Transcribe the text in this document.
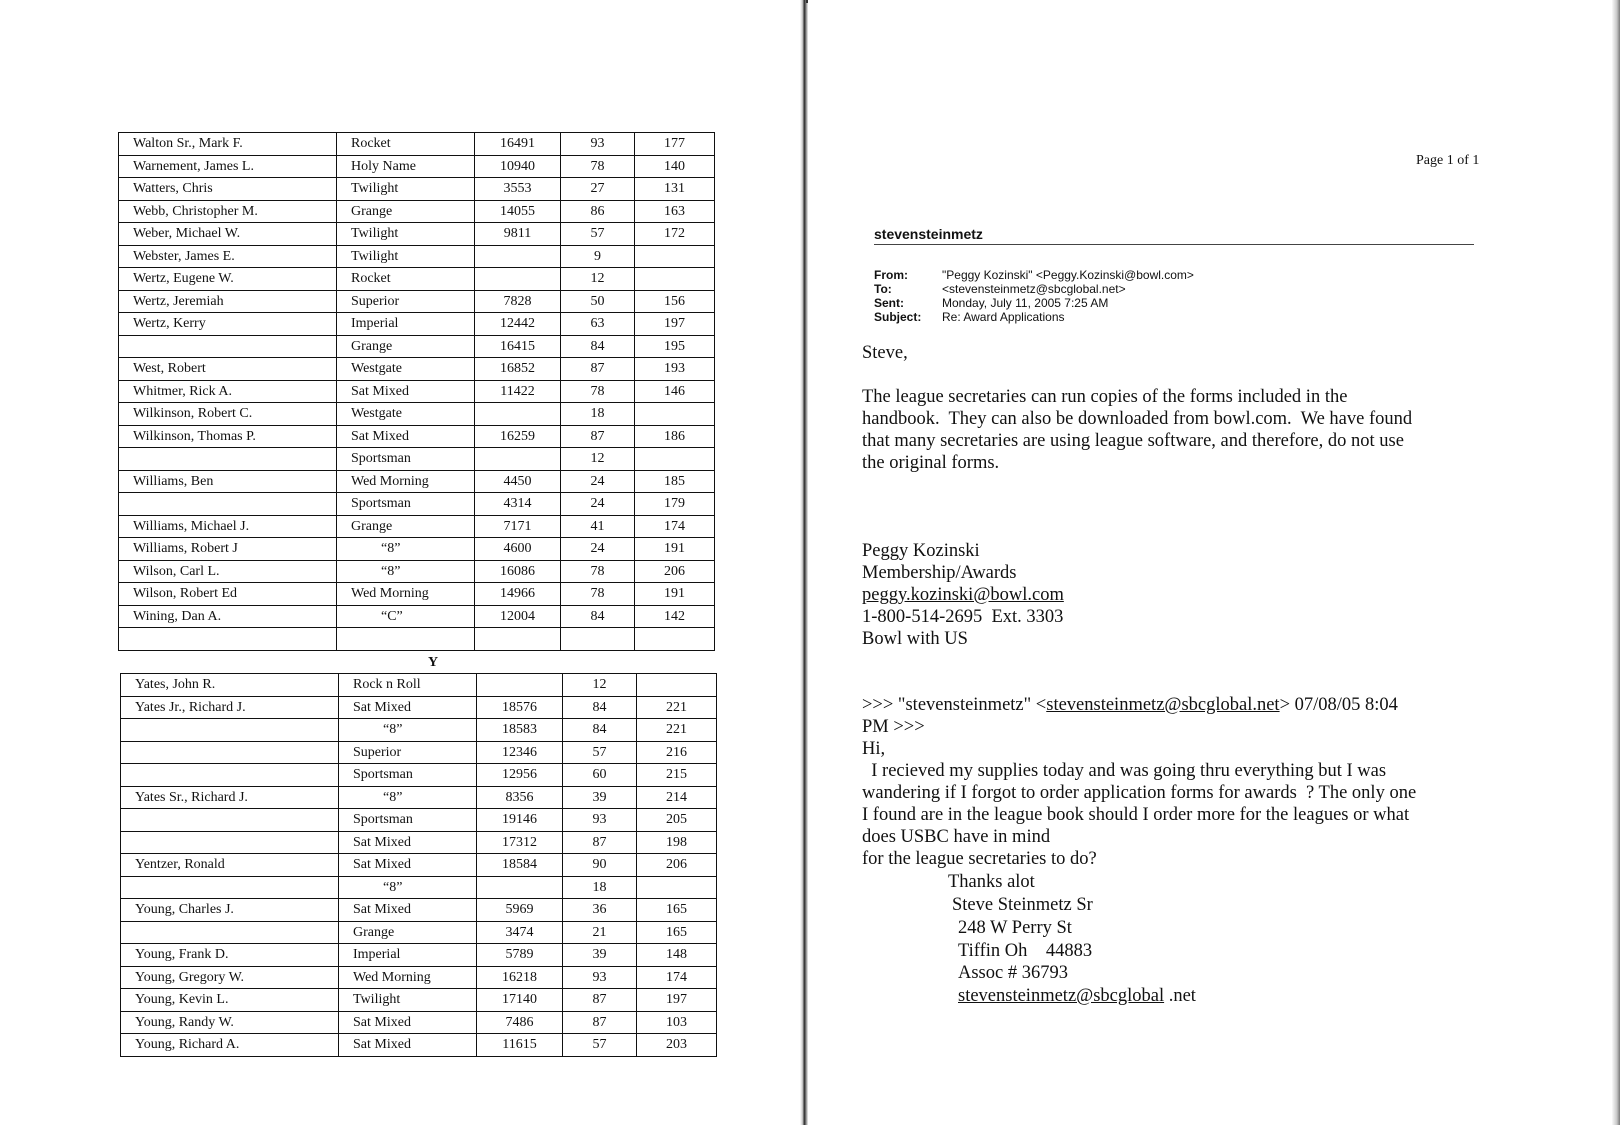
Walton Sr., Mark F.	Rocket	16491	93	177
Warnement, James L.	Holy Name	10940	78	140
Watters, Chris	Twilight	3553	27	131
Webb, Christopher M.	Grange	14055	86	163
Weber, Michael W.	Twilight	9811	57	172
Webster, James E.	Twilight		9	
Wertz, Eugene W.	Rocket		12	
Wertz, Jeremiah	Superior	7828	50	156
Wertz, Kerry	Imperial	12442	63	197
	Grange	16415	84	195
West, Robert	Westgate	16852	87	193
Whitmer, Rick A.	Sat Mixed	11422	78	146
Wilkinson, Robert C.	Westgate		18	
Wilkinson, Thomas P.	Sat Mixed	16259	87	186
	Sportsman		12	
Williams, Ben	Wed Morning	4450	24	185
	Sportsman	4314	24	179
Williams, Michael J.	Grange	7171	41	174
Williams, Robert J	“8”	4600	24	191
Wilson, Carl L.	“8”	16086	78	206
Wilson, Robert Ed	Wed Morning	14966	78	191
Wining, Dan A.	“C”	12004	84	142

Y
Yates, John R.	Rock n Roll		12	
Yates Jr., Richard J.	Sat Mixed	18576	84	221
	“8”	18583	84	221
	Superior	12346	57	216
	Sportsman	12956	60	215
Yates Sr., Richard J.	“8”	8356	39	214
	Sportsman	19146	93	205
	Sat Mixed	17312	87	198
Yentzer, Ronald	Sat Mixed	18584	90	206
	“8”		18	
Young, Charles J.	Sat Mixed	5969	36	165
	Grange	3474	21	165
Young, Frank D.	Imperial	5789	39	148
Young, Gregory W.	Wed Morning	16218	93	174
Young, Kevin L.	Twilight	17140	87	197
Young, Randy W.	Sat Mixed	7486	87	103
Young, Richard A.	Sat Mixed	11615	57	203
Page 1 of 1
stevensteinmetz
From:	"Peggy Kozinski" <Peggy.Kozinski@bowl.com>
To:	<stevensteinmetz@sbcglobal.net>
Sent:	Monday, July 11, 2005 7:25 AM
Subject:	Re: Award Applications
Steve,
The league secretaries can run copies of the forms included in the
handbook.  They can also be downloaded from bowl.com.  We have found
that many secretaries are using league software, and therefore, do not use
the original forms.
Peggy Kozinski
Membership/Awards
peggy.kozinski@bowl.com
1-800-514-2695  Ext. 3303
Bowl with US
>>> "stevensteinmetz" <stevensteinmetz@sbcglobal.net> 07/08/05 8:04
PM >>>
Hi,
I recieved my supplies today and was going thru everything but I was
wandering if I forgot to order application forms for awards  ? The only one
I found are in the league book should I order more for the leagues or what
does USBC have in mind
for the league secretaries to do?
Thanks alot
Steve Steinmetz Sr
248 W Perry St
Tiffin Oh    44883
Assoc # 36793
stevensteinmetz@sbcglobal .net
